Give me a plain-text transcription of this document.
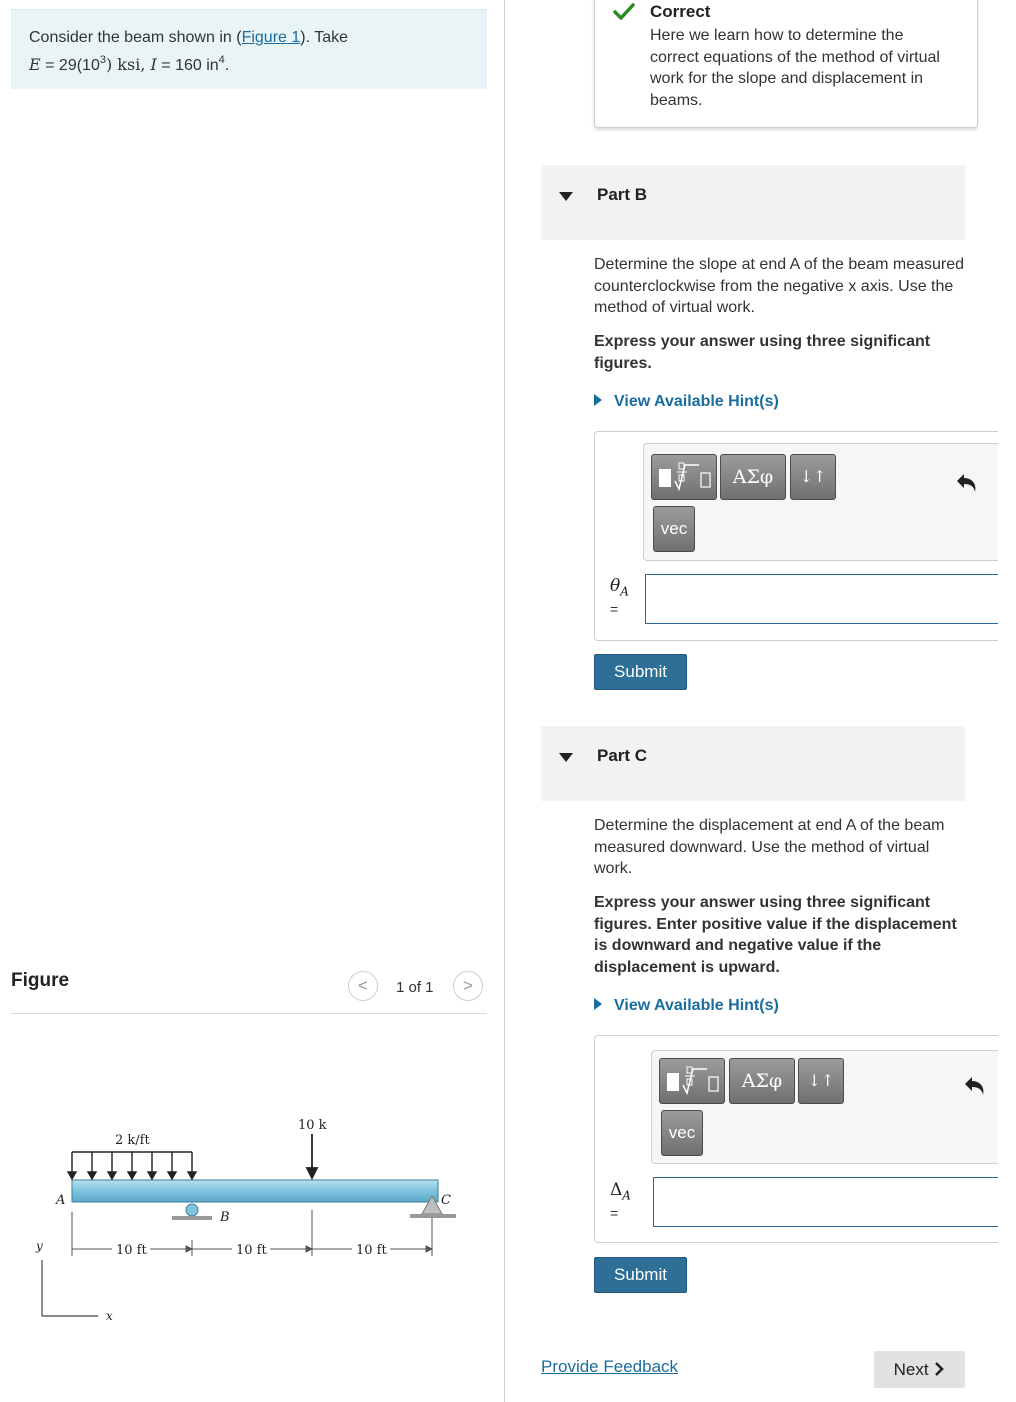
Consider the beam shown in (Figure 1). Take
$E = 29(10^3)$ ksi, I = 160 $in^4$.
Figure	<	1 of 1	>
2 k/ft
10 k
B
C
A
10 ft	10 ft	10 ft
y
x
Correct
Here we learn how to determine the correct equations of the method of virtual work for the slope and displacement in beams.
Part B
Determine the slope at end A of the beam measured counterclockwise from the negative x axis. Use the method of virtual work.
Express your answer using three significant figures.
View Available Hint(s)
ΑΣφ	↓↑
vec
$\theta_A$
=
Submit
Part C
Determine the displacement at end A of the beam measured downward. Use the method of virtual work.
Express your answer using three significant figures. Enter positive value if the displacement is downward and negative value if the displacement is upward.
View Available Hint(s)
ΑΣφ	↓↑
vec
$\Delta_A$
=
Submit
Provide Feedback	Next
